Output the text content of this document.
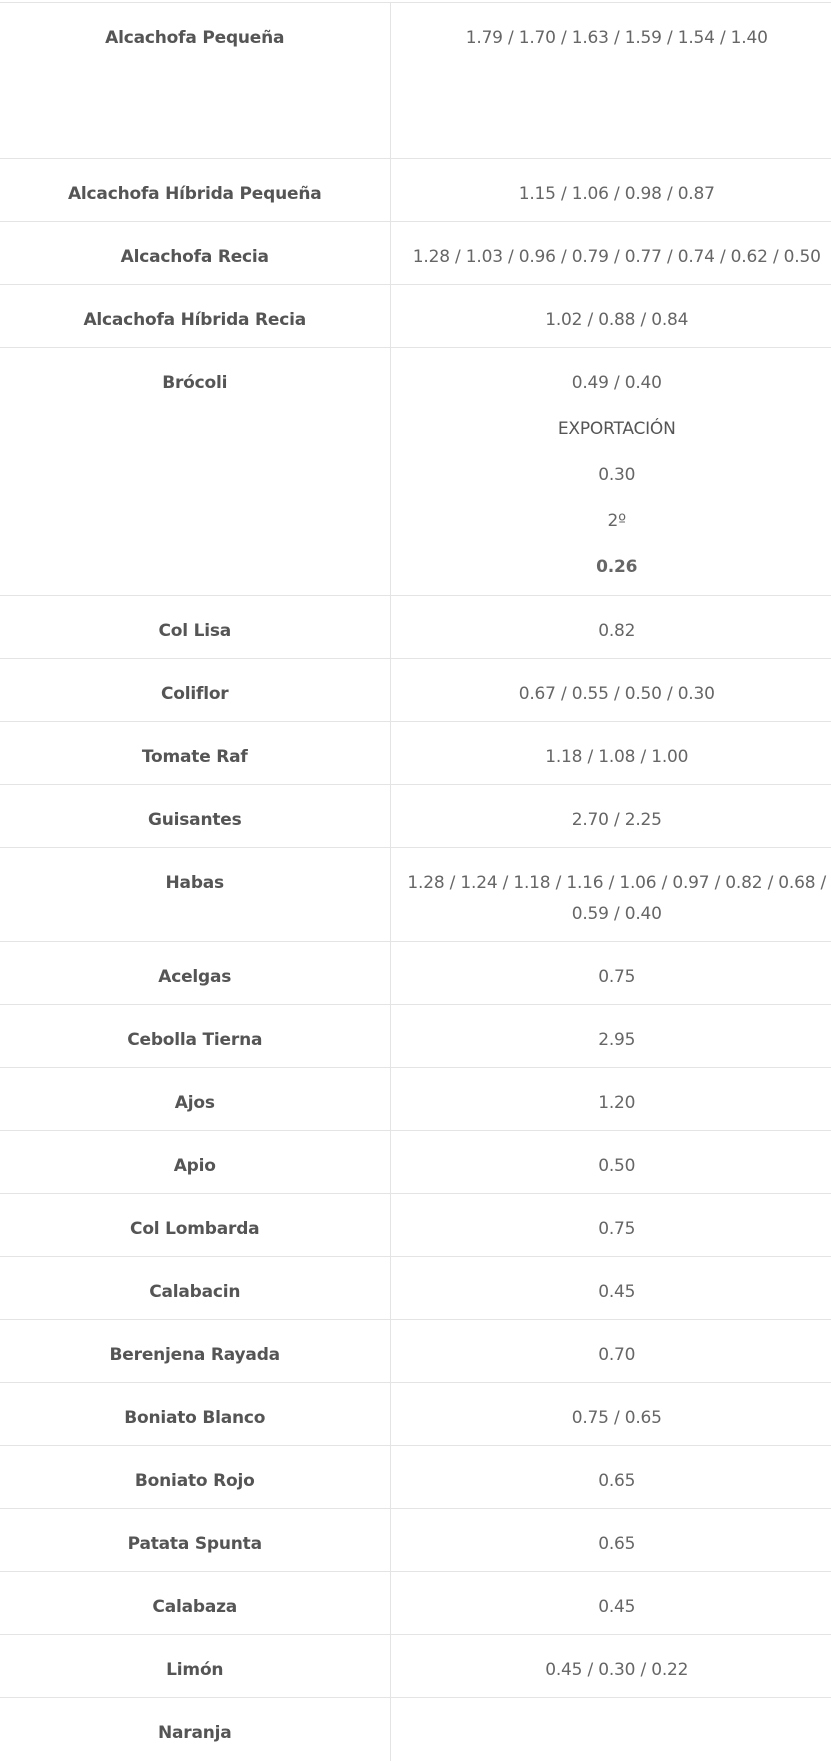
Alcachofa Pequeña	1.79 / 1.70 / 1.63 / 1.59 / 1.54 / 1.40

Alcachofa Híbrida Pequeña	1.15 / 1.06 / 0.98 / 0.87

Alcachofa Recia	1.28 / 1.03 / 0.96 / 0.79 / 0.77 / 0.74 / 0.62 / 0.50

Alcachofa Híbrida Recia	1.02 / 0.88 / 0.84

Brócoli	0.49 / 0.40
EXPORTACIÓN
0.30
2º
0.26

Col Lisa	0.82

Coliflor	0.67 / 0.55 / 0.50 / 0.30

Tomate Raf	1.18 / 1.08 / 1.00

Guisantes	2.70 / 2.25

Habas	1.28 / 1.24 / 1.18 / 1.16 / 1.06 / 0.97 / 0.82 / 0.68 / 0.59 / 0.40

Acelgas	0.75

Cebolla Tierna	2.95

Ajos	1.20

Apio	0.50

Col Lombarda	0.75

Calabacin	0.45

Berenjena Rayada	0.70

Boniato Blanco	0.75 / 0.65

Boniato Rojo	0.65

Patata Spunta	0.65

Calabaza	0.45

Limón	0.45 / 0.30 / 0.22

Naranja	
